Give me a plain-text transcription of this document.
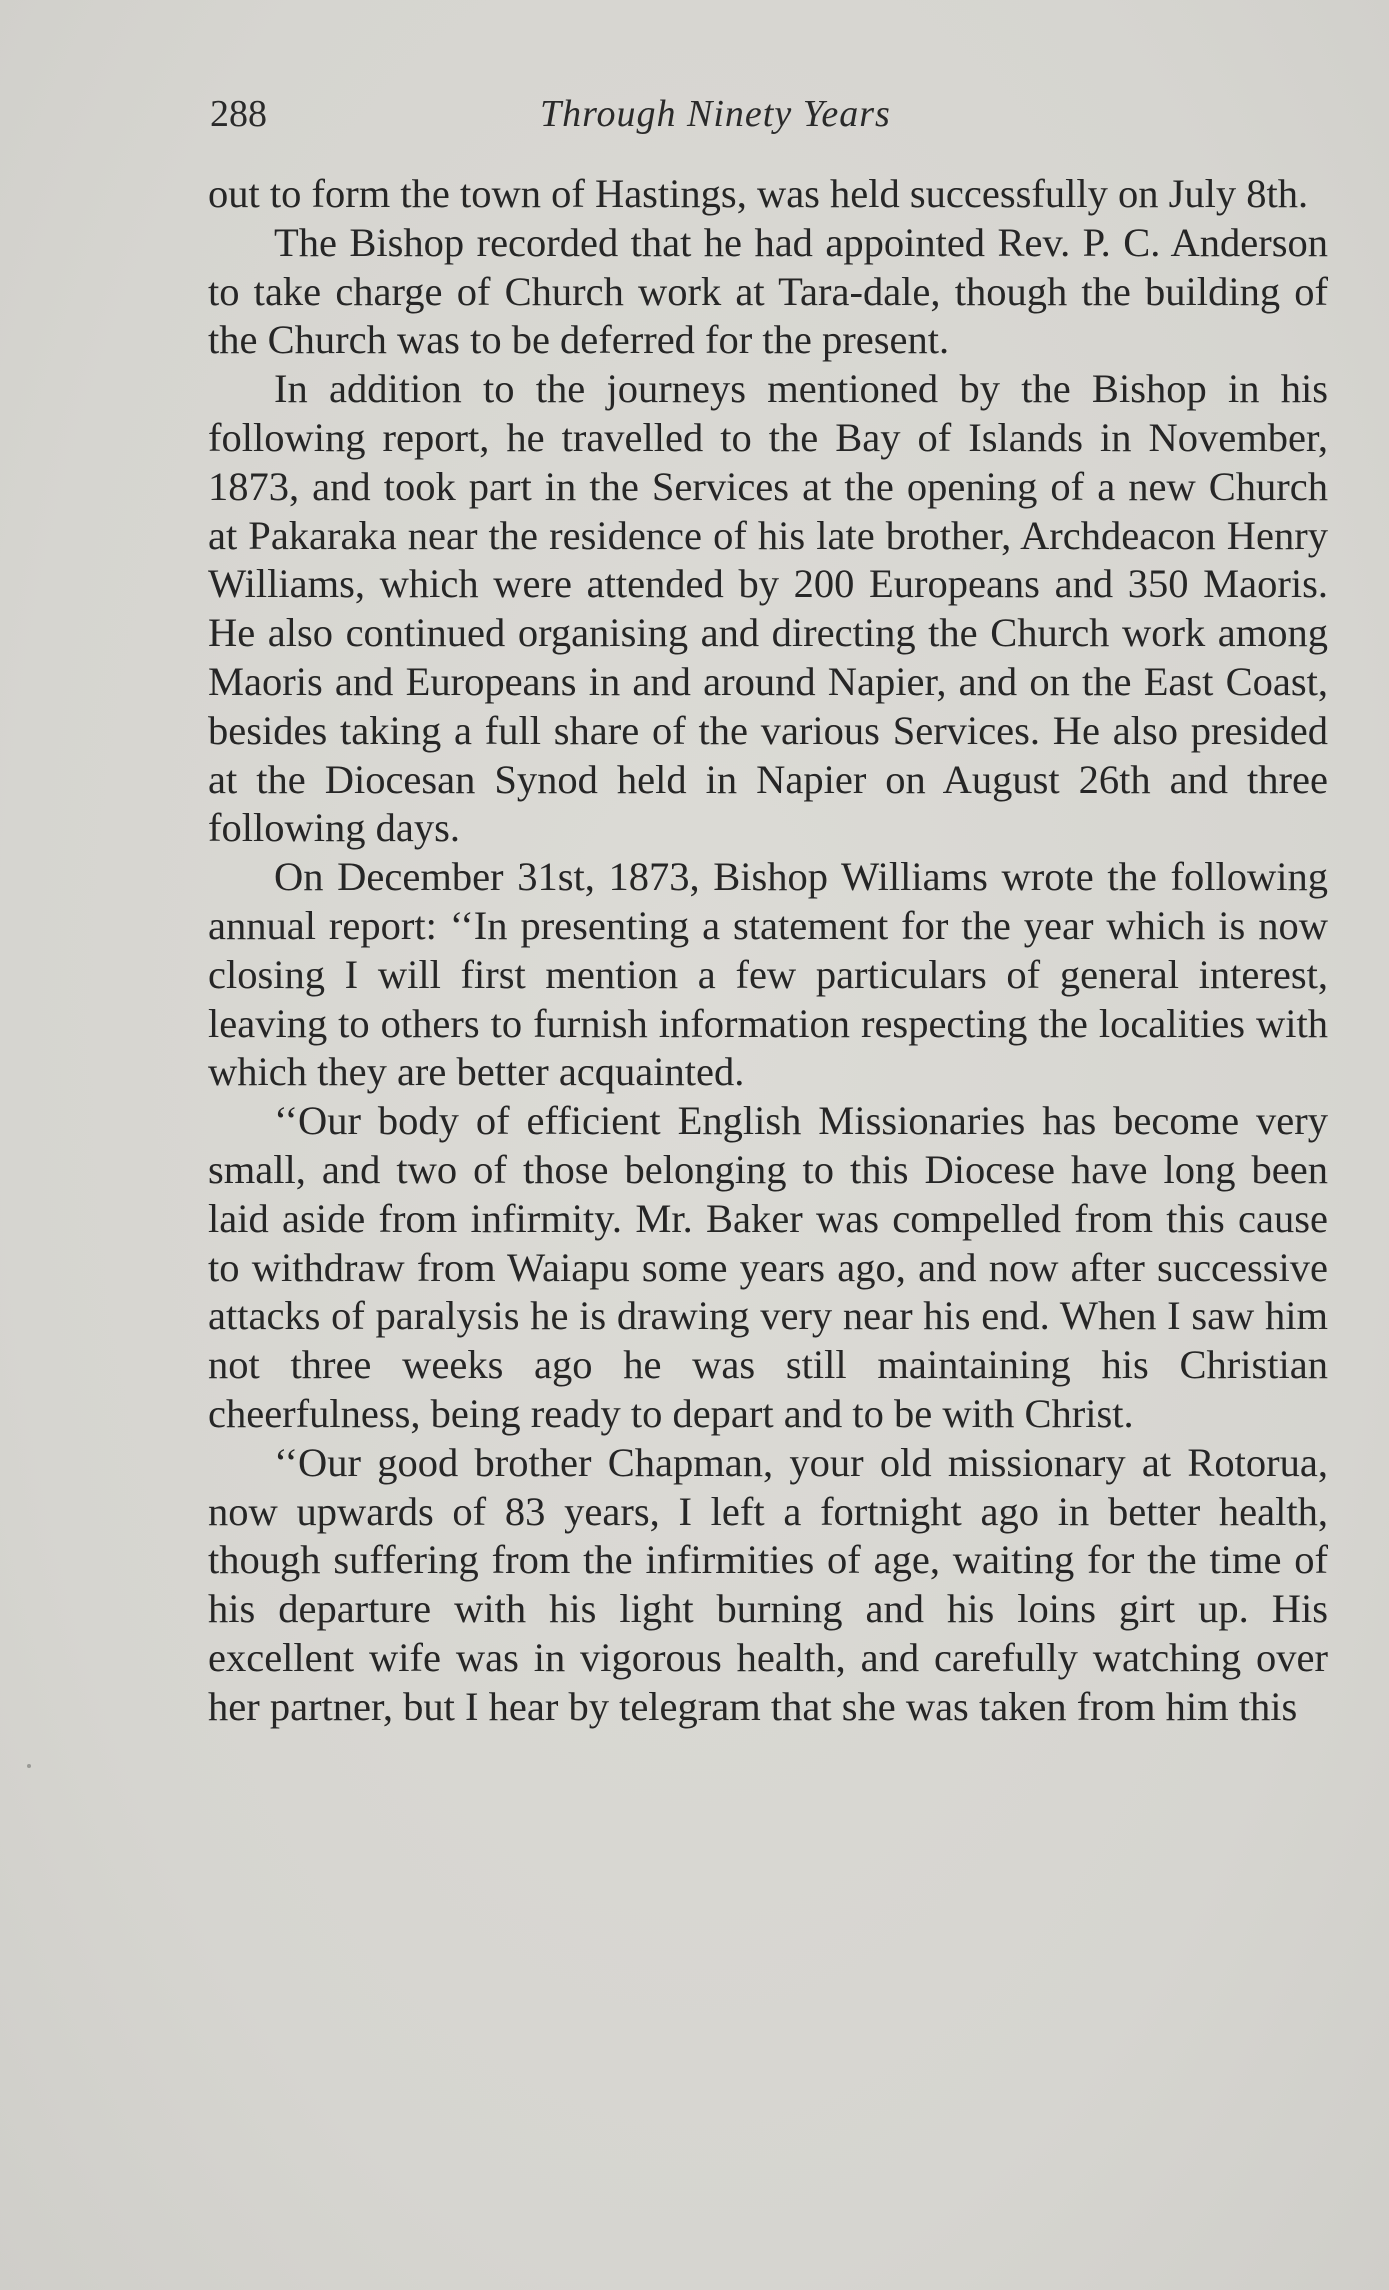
288	Through Ninety Years

out to form the town of Hastings, was held successfully on July 8th.

The Bishop recorded that he had appointed Rev. P. C. Anderson to take charge of Church work at Tara-dale, though the building of the Church was to be deferred for the present.

In addition to the journeys mentioned by the Bishop in his following report, he travelled to the Bay of Islands in November, 1873, and took part in the Services at the opening of a new Church at Pakaraka near the residence of his late brother, Archdeacon Henry Williams, which were attended by 200 Europeans and 350 Maoris. He also continued organising and directing the Church work among Maoris and Europeans in and around Napier, and on the East Coast, besides taking a full share of the various Services. He also presided at the Diocesan Synod held in Napier on August 26th and three following days.

On December 31st, 1873, Bishop Williams wrote the following annual report: ‘‘In presenting a statement for the year which is now closing I will first mention a few particulars of general interest, leaving to others to furnish information respecting the localities with which they are better acquainted.

‘‘Our body of efficient English Missionaries has become very small, and two of those belonging to this Diocese have long been laid aside from infirmity. Mr. Baker was compelled from this cause to withdraw from Waiapu some years ago, and now after successive attacks of paralysis he is drawing very near his end. When I saw him not three weeks ago he was still maintaining his Christian cheerfulness, being ready to depart and to be with Christ.

‘‘Our good brother Chapman, your old missionary at Rotorua, now upwards of 83 years, I left a fortnight ago in better health, though suffering from the infirmities of age, waiting for the time of his departure with his light burning and his loins girt up. His excellent wife was in vigorous health, and carefully watching over her partner, but I hear by telegram that she was taken from him this
